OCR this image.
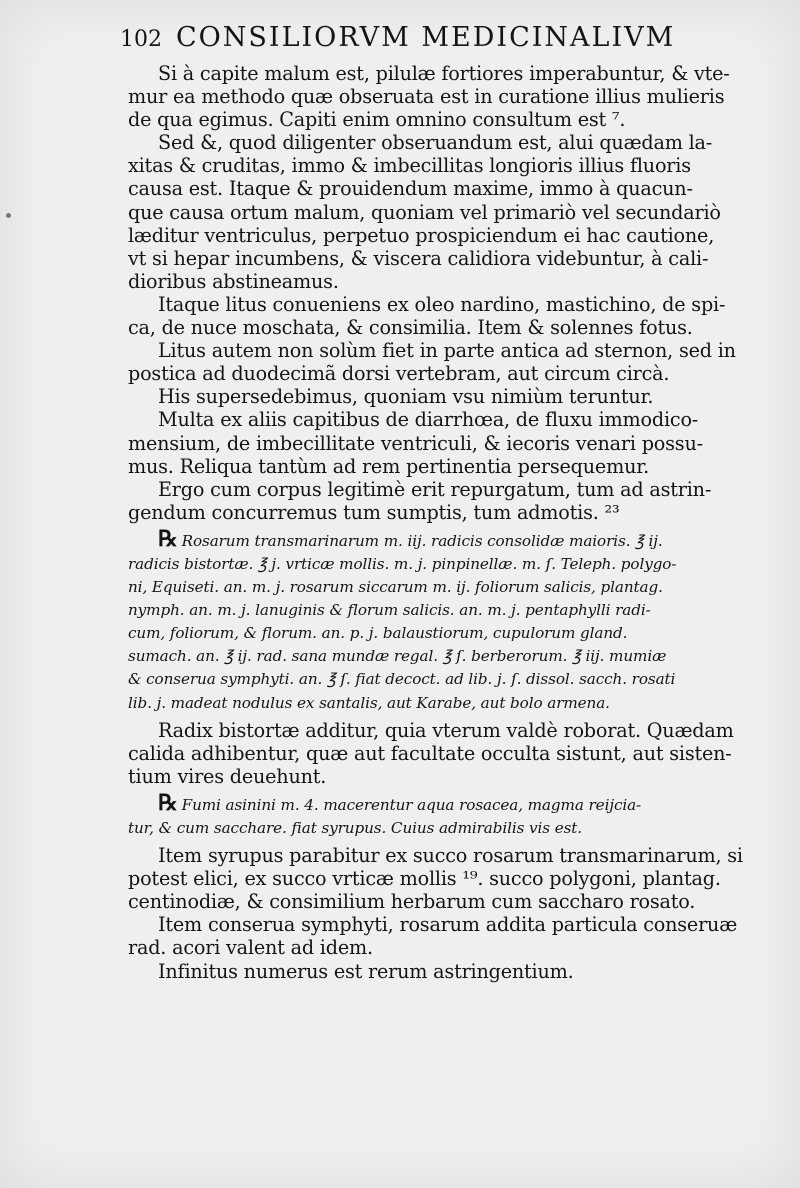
102 CONSILIORVM MEDICINALIVM
Si à capite malum est, pilulæ fortiores imperabuntur, & vte-
mur ea methodo quæ obseruata est in curatione illius mulieris
de qua egimus. Capiti enim omnino consultum est ⁷.
Sed &, quod diligenter obseruandum est, alui quædam la-
xitas & cruditas, immo & imbecillitas longioris illius fluoris
causa est. Itaque & prouidendum maxime, immo à quacun-
que causa ortum malum, quoniam vel primariò vel secundariò
læditur ventriculus, perpetuo prospiciendum ei hac cautione,
vt si hepar incumbens, & viscera calidiora videbuntur, à cali-
dioribus abstineamus.
Itaque litus conueniens ex oleo nardino, mastichino, de spi-
ca, de nuce moschata, & consimilia. Item & solennes fotus.
Litus autem non solùm fiet in parte antica ad sternon, sed in
postica ad duodecimã dorsi vertebram, aut circum circà.
His supersedebimus, quoniam vsu nimiùm teruntur.
Multa ex aliis capitibus de diarrhœa, de fluxu immodico-
mensium, de imbecillitate ventriculi, & iecoris venari possu-
mus. Reliqua tantùm ad rem pertinentia persequemur.
Ergo cum corpus legitimè erit repurgatum, tum ad astrin-
gendum concurremus tum sumptis, tum admotis. ²³
℞ Rosarum transmarinarum m. iij. radicis consolidæ maioris. ℥ ij.
radicis bistortæ. ℥ j. vrticæ mollis. m. j. pinpinellæ. m. ſ. Teleph. polygo-
ni, Equiseti. an. m. j. rosarum siccarum m. ij. foliorum salicis, plantag.
nymph. an. m. j. lanuginis & florum salicis. an. m. j. pentaphylli radi-
cum, foliorum, & florum. an. p. j. balaustiorum, cupulorum gland.
sumach. an. ℥ ij. rad. sana mundæ regal. ℥ ſ. berberorum. ℥ iij. mumiæ
& conserua symphyti. an. ℥ ſ. fiat decoct. ad lib. j. ſ. dissol. sacch. rosati
lib. j. madeat nodulus ex santalis, aut Karabe, aut bolo armena.
Radix bistortæ additur, quia vterum valdè roborat. Quædam
calida adhibentur, quæ aut facultate occulta sistunt, aut sisten-
tium vires deuehunt.
℞ Fumi asinini m. 4. macerentur aqua rosacea, magma reijcia-
tur, & cum sacchare. fiat syrupus. Cuius admirabilis vis est.
Item syrupus parabitur ex succo rosarum transmarinarum, si
potest elici, ex succo vrticæ mollis ¹⁹. succo polygoni, plantag.
centinodiæ, & consimilium herbarum cum saccharo rosato.
Item conserua symphyti, rosarum addita particula conseruæ
rad. acori valent ad idem.
Infinitus numerus est rerum astringentium.
